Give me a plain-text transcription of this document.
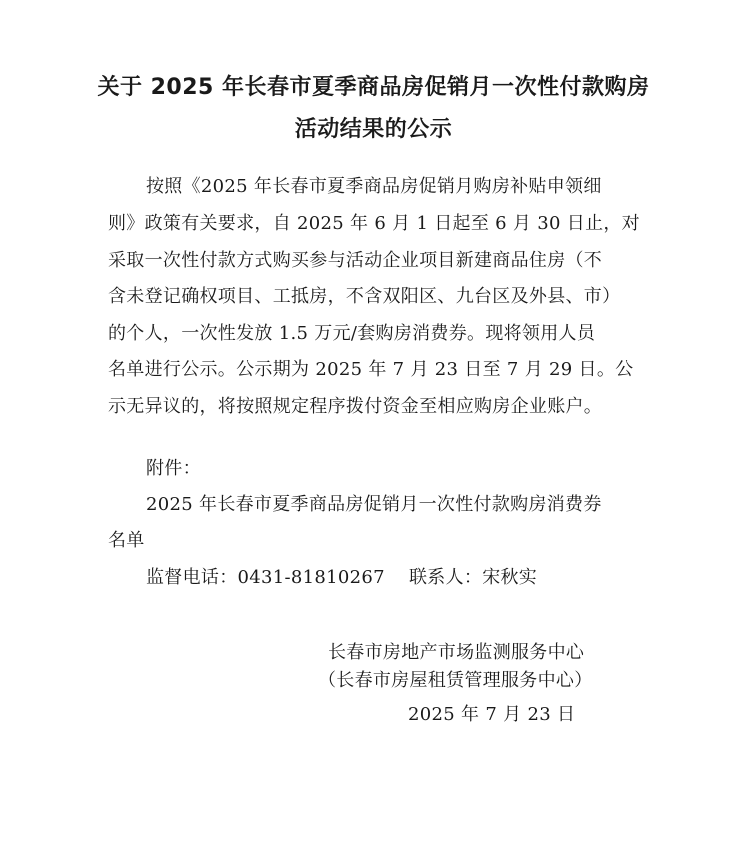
关于 2025 年长春市夏季商品房促销月一次性付款购房
活动结果的公示
按照《2025 年长春市夏季商品房促销月购房补贴申领细
则》政策有关要求，自 2025 年 6 月 1 日起至 6 月 30 日止，对
采取一次性付款方式购买参与活动企业项目新建商品住房（不
含未登记确权项目、工抵房，不含双阳区、九台区及外县、市）
的个人，一次性发放 1.5 万元/套购房消费券。现将领用人员
名单进行公示。公示期为 2025 年 7 月 23 日至 7 月 29 日。公
示无异议的，将按照规定程序拨付资金至相应购房企业账户。
附件：
2025 年长春市夏季商品房促销月一次性付款购房消费券
名单
监督电话：0431-81810267    联系人：宋秋实
长春市房地产市场监测服务中心
（长春市房屋租赁管理服务中心）
2025 年 7 月 23 日
